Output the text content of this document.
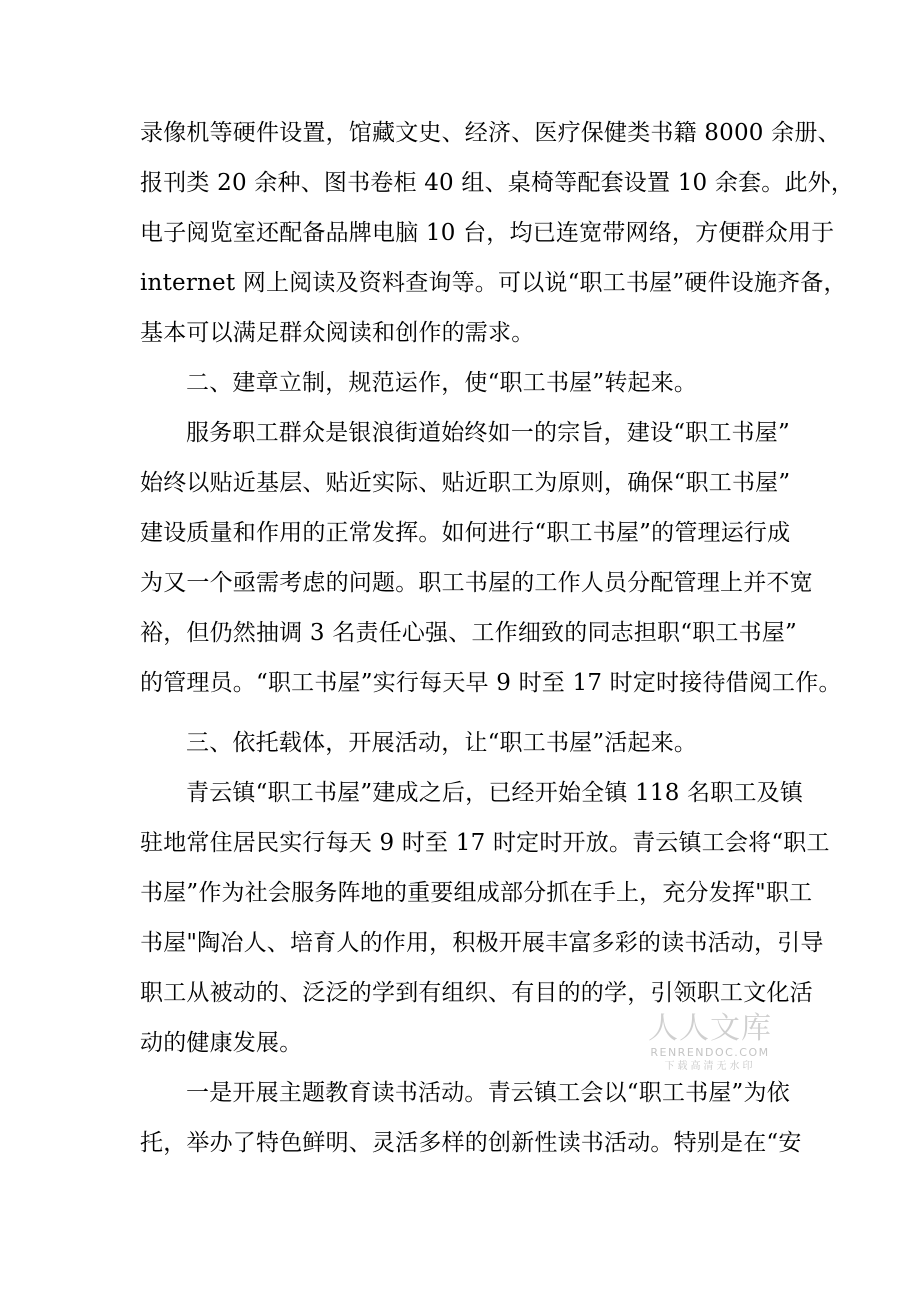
录像机等硬件设置，馆藏文史、经济、医疗保健类书籍 8000 余册、
报刊类 20 余种、图书卷柜 40 组、桌椅等配套设置 10 余套。此外，
电子阅览室还配备品牌电脑 10 台，均已连宽带网络，方便群众用于
internet 网上阅读及资料查询等。可以说“职工书屋”硬件设施齐备，
基本可以满足群众阅读和创作的需求。
二、建章立制，规范运作，使“职工书屋”转起来。
服务职工群众是银浪街道始终如一的宗旨，建设“职工书屋”
始终以贴近基层、贴近实际、贴近职工为原则，确保“职工书屋”
建设质量和作用的正常发挥。如何进行“职工书屋”的管理运行成
为又一个亟需考虑的问题。职工书屋的工作人员分配管理上并不宽
裕，但仍然抽调 3 名责任心强、工作细致的同志担职“职工书屋”
的管理员。“职工书屋”实行每天早 9 时至 17 时定时接待借阅工作。
三、依托载体，开展活动，让“职工书屋”活起来。
青云镇“职工书屋”建成之后，已经开始全镇 118 名职工及镇
驻地常住居民实行每天 9 时至 17 时定时开放。青云镇工会将“职工
书屋”作为社会服务阵地的重要组成部分抓在手上，充分发挥"职工
书屋"陶冶人、培育人的作用，积极开展丰富多彩的读书活动，引导
职工从被动的、泛泛的学到有组织、有目的的学，引领职工文化活
动的健康发展。
一是开展主题教育读书活动。青云镇工会以“职工书屋”为依
托，举办了特色鲜明、灵活多样的创新性读书活动。特别是在“安
人人文库
RENRENDOC.COM
下载高清无水印
